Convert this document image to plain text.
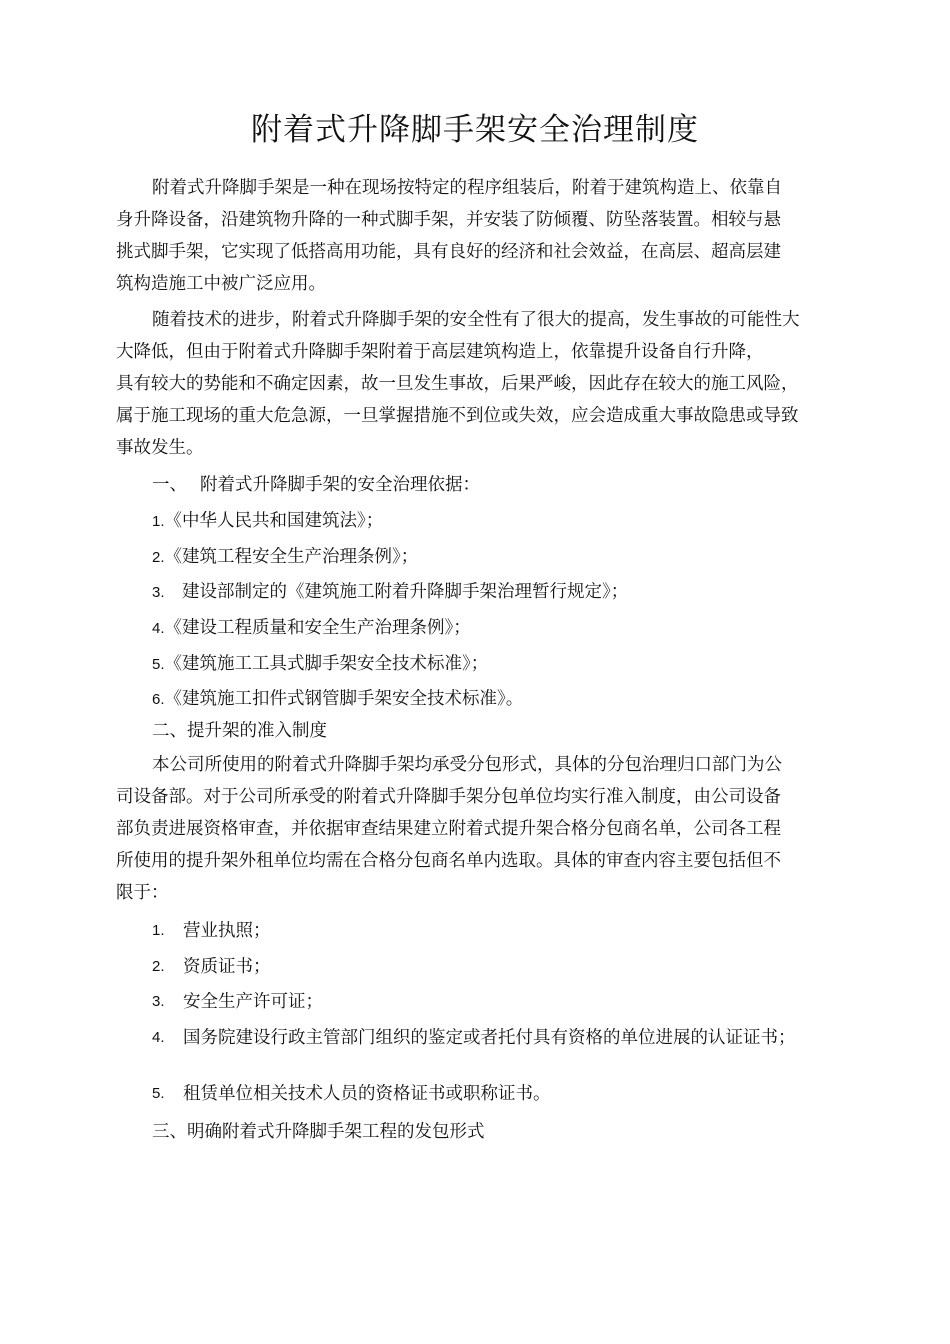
附着式升降脚手架安全治理制度
附着式升降脚手架是一种在现场按特定的程序组装后，附着于建筑构造上、依靠自
身升降设备，沿建筑物升降的一种式脚手架，并安装了防倾覆、防坠落装置。相较与悬
挑式脚手架，它实现了低搭高用功能，具有良好的经济和社会效益，在高层、超高层建
筑构造施工中被广泛应用。
随着技术的进步，附着式升降脚手架的安全性有了很大的提高，发生事故的可能性大
大降低，但由于附着式升降脚手架附着于高层建筑构造上，依靠提升设备自行升降，
具有较大的势能和不确定因素，故一旦发生事故，后果严峻，因此存在较大的施工风险，
属于施工现场的重大危急源，一旦掌握措施不到位或失效，应会造成重大事故隐患或导致
事故发生。
一、 附着式升降脚手架的安全治理依据：
1.《中华人民共和国建筑法》；
2.《建筑工程安全生产治理条例》；
3. 建设部制定的《建筑施工附着升降脚手架治理暂行规定》；
4.《建设工程质量和安全生产治理条例》；
5.《建筑施工工具式脚手架安全技术标准》；
6.《建筑施工扣件式钢管脚手架安全技术标准》。
二、提升架的准入制度
本公司所使用的附着式升降脚手架均承受分包形式，具体的分包治理归口部门为公
司设备部。对于公司所承受的附着式升降脚手架分包单位均实行准入制度，由公司设备
部负责进展资格审查，并依据审查结果建立附着式提升架合格分包商名单，公司各工程
所使用的提升架外租单位均需在合格分包商名单内选取。具体的审查内容主要包括但不
限于：
1.	营业执照；
2.	资质证书；
3.	安全生产许可证；
4.	国务院建设行政主管部门组织的鉴定或者托付具有资格的单位进展的认证证书；
5.	租赁单位相关技术人员的资格证书或职称证书。
三、明确附着式升降脚手架工程的发包形式
